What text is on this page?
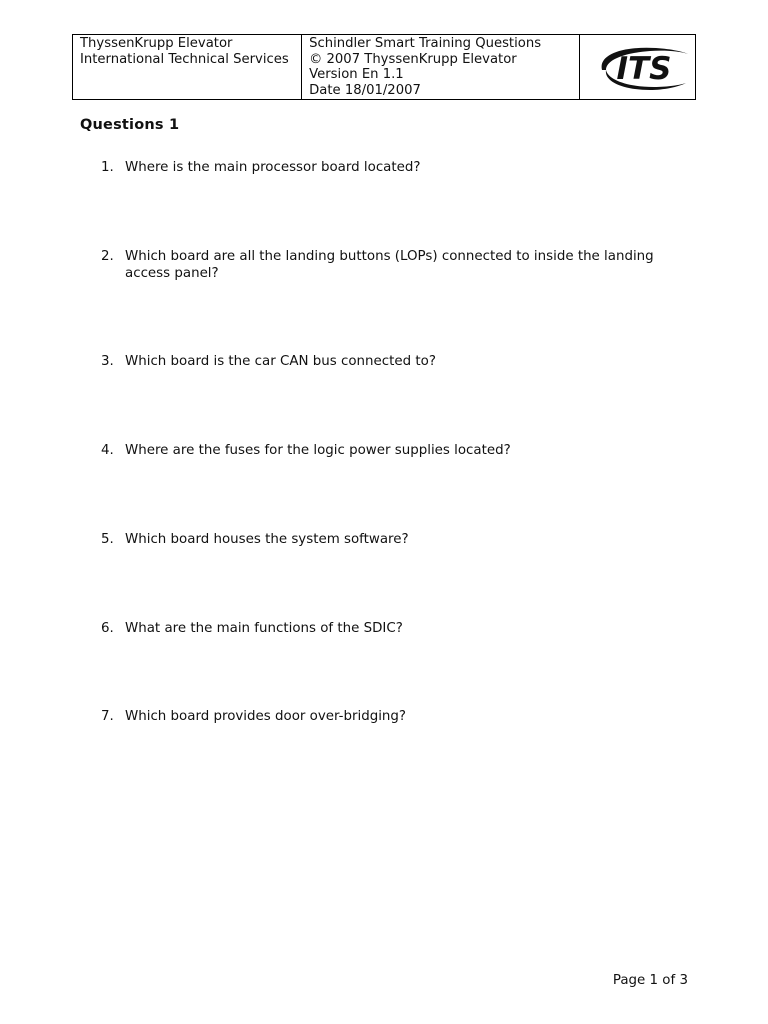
ThyssenKrupp Elevator
International Technical Services

Schindler Smart Training Questions
© 2007 ThyssenKrupp Elevator
Version En 1.1
Date 18/01/2007

ITS
Questions 1
1. Where is the main processor board located?
2. Which board are all the landing buttons (LOPs) connected to inside the landing access panel?
3. Which board is the car CAN bus connected to?
4. Where are the fuses for the logic power supplies located?
5. Which board houses the system software?
6. What are the main functions of the SDIC?
7. Which board provides door over-bridging?
Page 1 of 3
